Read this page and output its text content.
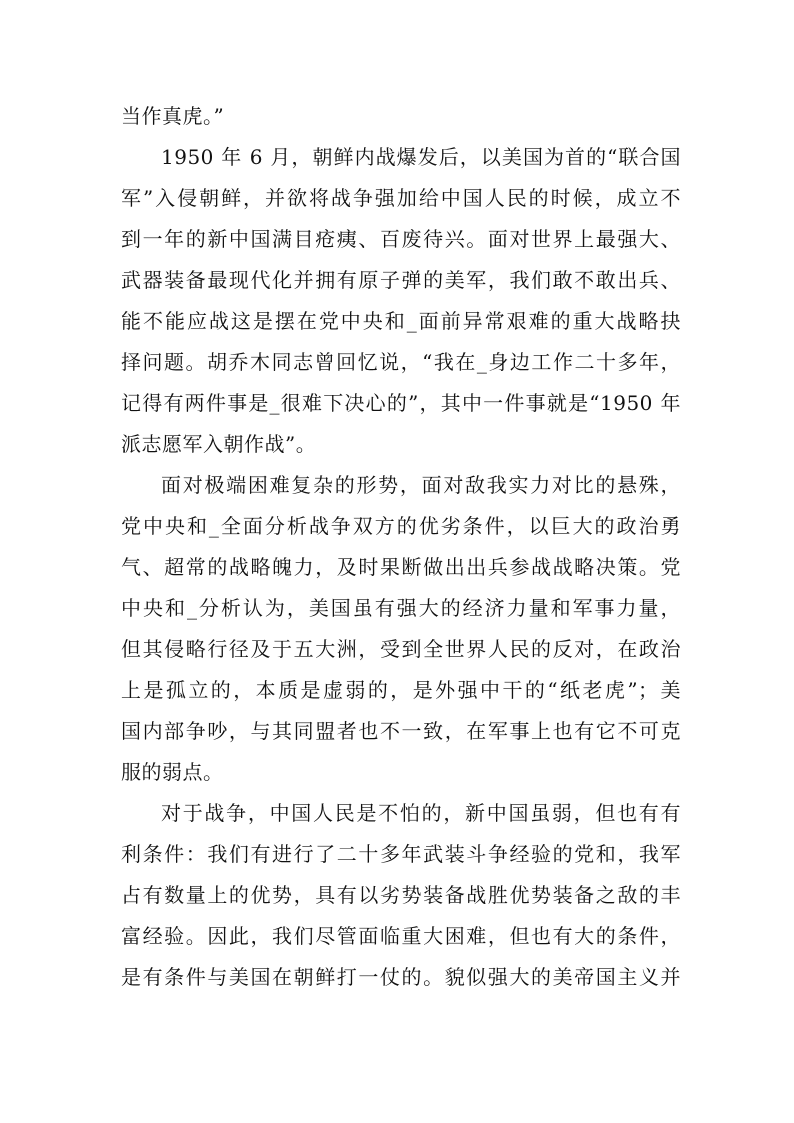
当作真虎。”
1950 年 6 月，朝鲜内战爆发后，以美国为首的“联合国
军”入侵朝鲜，并欲将战争强加给中国人民的时候，成立不
到一年的新中国满目疮痍、百废待兴。面对世界上最强大、
武器装备最现代化并拥有原子弹的美军，我们敢不敢出兵、
能不能应战这是摆在党中央和_面前异常艰难的重大战略抉
择问题。胡乔木同志曾回忆说，“我在_身边工作二十多年，
记得有两件事是_很难下决心的”，其中一件事就是“1950 年
派志愿军入朝作战”。
面对极端困难复杂的形势，面对敌我实力对比的悬殊，
党中央和_全面分析战争双方的优劣条件，以巨大的政治勇
气、超常的战略魄力，及时果断做出出兵参战战略决策。党
中央和_分析认为，美国虽有强大的经济力量和军事力量，
但其侵略行径及于五大洲，受到全世界人民的反对，在政治
上是孤立的，本质是虚弱的，是外强中干的“纸老虎”；美
国内部争吵，与其同盟者也不一致，在军事上也有它不可克
服的弱点。
对于战争，中国人民是不怕的，新中国虽弱，但也有有
利条件：我们有进行了二十多年武装斗争经验的党和，我军
占有数量上的优势，具有以劣势装备战胜优势装备之敌的丰
富经验。因此，我们尽管面临重大困难，但也有大的条件，
是有条件与美国在朝鲜打一仗的。貌似强大的美帝国主义并
